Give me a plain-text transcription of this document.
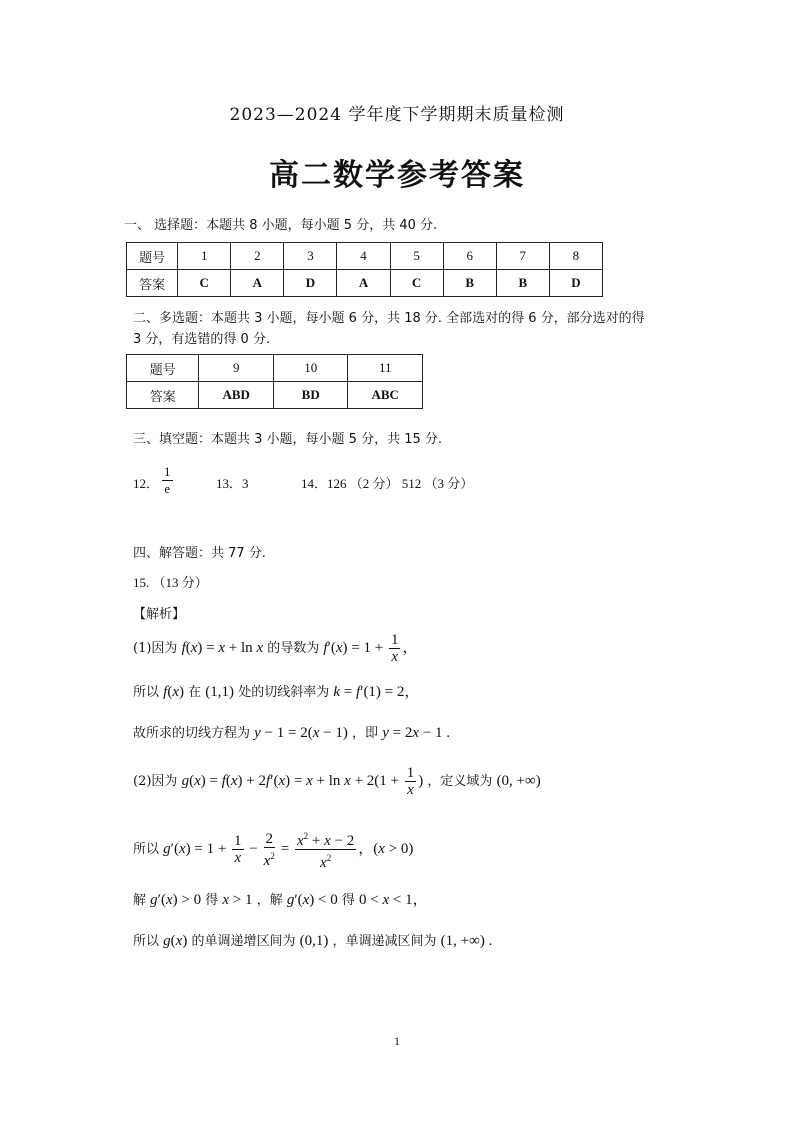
2023—2024 学年度下学期期末质量检测
高二数学参考答案
一、 选择题：本题共 8 小题，每小题 5 分，共 40 分.
题号	1	2	3	4	5	6	7	8
答案	C	A	D	A	C	B	B	D
二、多选题：本题共 3 小题，每小题 6 分，共 18 分. 全部选对的得 6 分，部分选对的得
3 分，有选错的得 0 分.
题号	9	10	11
答案	ABD	BD	ABC
三、填空题：本题共 3 小题，每小题 5 分，共 15 分.
12． $\frac{1}{e}$	13．3	14．126 （2 分） 512 （3 分）
四、解答题：共 77 分.
15. （13 分）
【解析】
(1)因为 f(x) = x + ln x 的导数为 $f'(x) = 1 + \frac{1}{x}$ ，
所以 f(x) 在 (1,1) 处的切线斜率为 k = f′(1) = 2，
故所求的切线方程为 y − 1 = 2(x − 1) ，即 y = 2x − 1 .
(2)因为 $g(x) = f(x) + 2f'(x) = x + \ln x + 2(1 + \frac{1}{x}$ ) ，定义域为 (0, +∞)
所以 $g'(x) = 1 + \frac{1}{x} - \frac{2}{x^2} = \frac{x^2 + x - 2}{x^2}$ ，(x > 0)
解 g′(x) > 0 得 x > 1 ，解 g′(x) < 0 得 0 < x < 1，
所以 g(x) 的单调递增区间为 (0,1) ，单调递减区间为 (1, +∞) .
1
